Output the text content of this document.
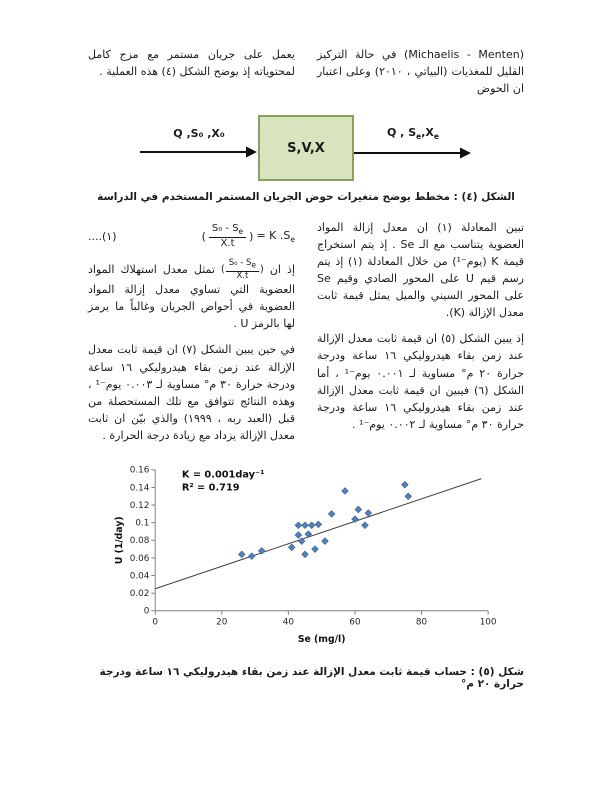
(Michaelis - Menten) في حالة التركيز القليل للمغذيات (البياتي ، ٢٠١٠) وعلى اعتبار ان الحوض

يعمل على جريان مستمر مع مزج كامل لمحتوياته إذ يوضح الشكل (٤) هذه العملية .

Q ,S₀ ,X₀
S,V,X
Q , $S_e,X_e$
الشكل (٤) : مخطط يوضح متغيرات حوض الجريان المستمر المستخدم في الدراسة

تبين المعادلة (١) ان معدل إزالة المواد العضوية يتناسب مع الـ Se . إذ يتم استخراج قيمة K (يوم⁻¹) من خلال المعادلة (١) إذ يتم رسم قيم U على المحور الصادي وقيم Se على المحور السيني والميل يمثل قيمة ثابت معدل الإزالة (K).

إذ يبين الشكل (٥) ان قيمة ثابت معدل الإزالة عند زمن بقاء هيدروليكي ١٦ ساعة ودرجة حرارة ٢٠ م° مساوية لـ ٠.٠٠١ يوم⁻¹ ، أما الشكل (٦) فيبين ان قيمة ثابت معدل الإزالة عند زمن بقاء هيدروليكي ١٦ ساعة ودرجة حرارة ٣٠ م° مساوية لـ ٠.٠٠٢ يوم⁻¹ .

( $\frac{S_0 - S_e}{X.t}$ ) = K $.S_e$
....(١)

إذ ان
( $\frac{S_0 - S_e}{X.t}$ )
تمثل معدل استهلاك المواد العضوية التي تساوي معدل إزالة المواد العضوية في أحواض الجريان وغالباً ما يرمز لها بالرمز U .

في حين يبين الشكل (٧) ان قيمة ثابت معدل الإزالة عند زمن بقاء هيدروليكي ١٦ ساعة ودرجة حرارة ٣٠ م° مساوية لـ ٠.٠٠٣ يوم⁻¹ ، وهذه النتائج تتوافق مع تلك المستحصلة من قبل (العبد ربه ، ١٩٩٩) والذي بيّن ان ثابت معدل الإزالة يزداد مع زيادة درجة الحرارة .

0
0.02
0.04
0.06
0.08
0.1
0.12
0.14
0.16
0	20	40	60	80	100
K = 0.001day⁻¹
R² = 0.719
Se (mg/l)
U (1/day)
شكل (٥) : حساب قيمة ثابت معدل الإزالة عند زمن بقاء هيدروليكي ١٦ ساعة ودرجة حرارة ٢٠ م°
